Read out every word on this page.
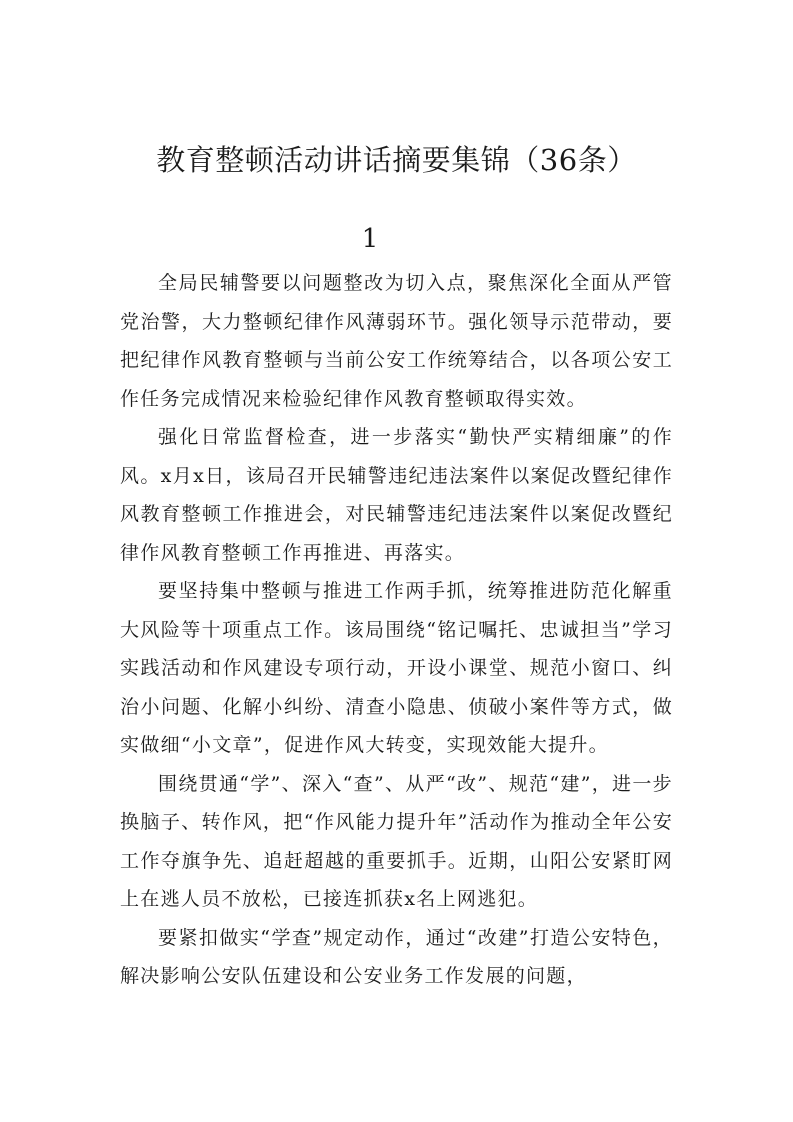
教育整顿活动讲话摘要集锦（36条）
1

全局民辅警要以问题整改为切入点，聚焦深化全面从严管党治警，大力整顿纪律作风薄弱环节。强化领导示范带动，要把纪律作风教育整顿与当前公安工作统筹结合，以各项公安工作任务完成情况来检验纪律作风教育整顿取得实效。

强化日常监督检查，进一步落实“勤快严实精细廉”的作风。x月x日，该局召开民辅警违纪违法案件以案促改暨纪律作风教育整顿工作推进会，对民辅警违纪违法案件以案促改暨纪律作风教育整顿工作再推进、再落实。

要坚持集中整顿与推进工作两手抓，统筹推进防范化解重大风险等十项重点工作。该局围绕“铭记嘱托、忠诚担当”学习实践活动和作风建设专项行动，开设小课堂、规范小窗口、纠治小问题、化解小纠纷、清查小隐患、侦破小案件等方式，做实做细“小文章”，促进作风大转变，实现效能大提升。

围绕贯通“学”、深入“查”、从严“改”、规范“建”，进一步换脑子、转作风，把“作风能力提升年”活动作为推动全年公安工作夺旗争先、追赶超越的重要抓手。近期，山阳公安紧盯网上在逃人员不放松，已接连抓获x名上网逃犯。

要紧扣做实“学查”规定动作，通过“改建”打造公安特色，解决影响公安队伍建设和公安业务工作发展的问题，
